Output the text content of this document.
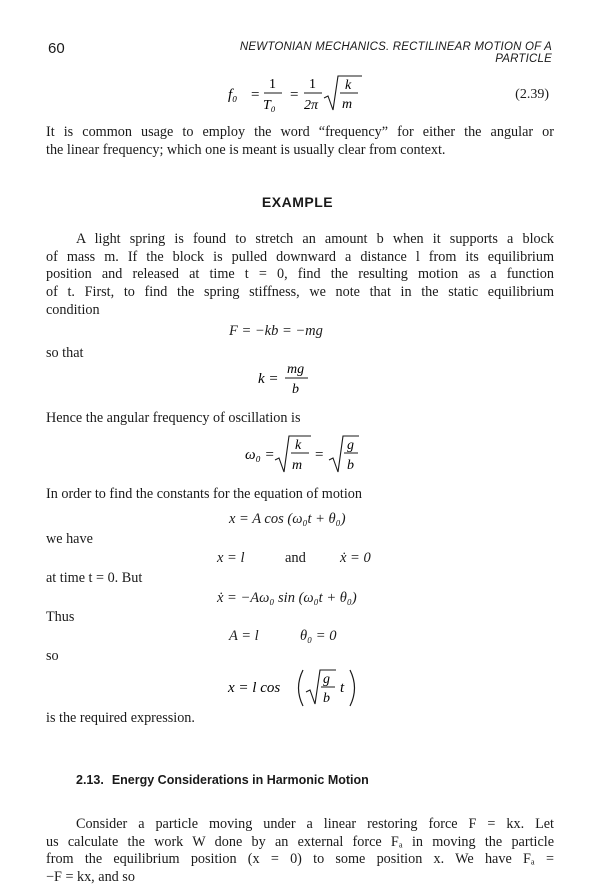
60	NEWTONIAN MECHANICS. RECTILINEAR MOTION OF A PARTICLE
f₀ =
1
T₀
=
1
2π
k
m
(2.39)
It is common usage to employ the word “frequency” for either the angular or
the linear frequency; which one is meant is usually clear from context.
EXAMPLE
A light spring is found to stretch an amount b when it supports a block
of mass m. If the block is pulled downward a distance l from its equilibrium
position and released at time t = 0, find the resulting motion as a function
of t. First, to find the spring stiffness, we note that in the static equilibrium
condition
F = −kb = −mg
so that
k =
mg
b
Hence the angular frequency of oscillation is
ω₀ =
k
m
=
g
b
In order to find the constants for the equation of motion
x = A cos (ω₀t + θ₀)
we have
x = l	and ẋ = 0
at time t = 0. But
ẋ = −Aω₀ sin (ω₀t + θ₀)
Thus
A = l	θ₀ = 0
so
x = l cos
g
b
t
is the required expression.
2.13. Energy Considerations in Harmonic Motion
Consider a particle moving under a linear restoring force F = kx. Let
us calculate the work W done by an external force Fₐ in moving the particle
from the equilibrium position (x = 0) to some position x. We have Fₐ =
−F = kx, and so
